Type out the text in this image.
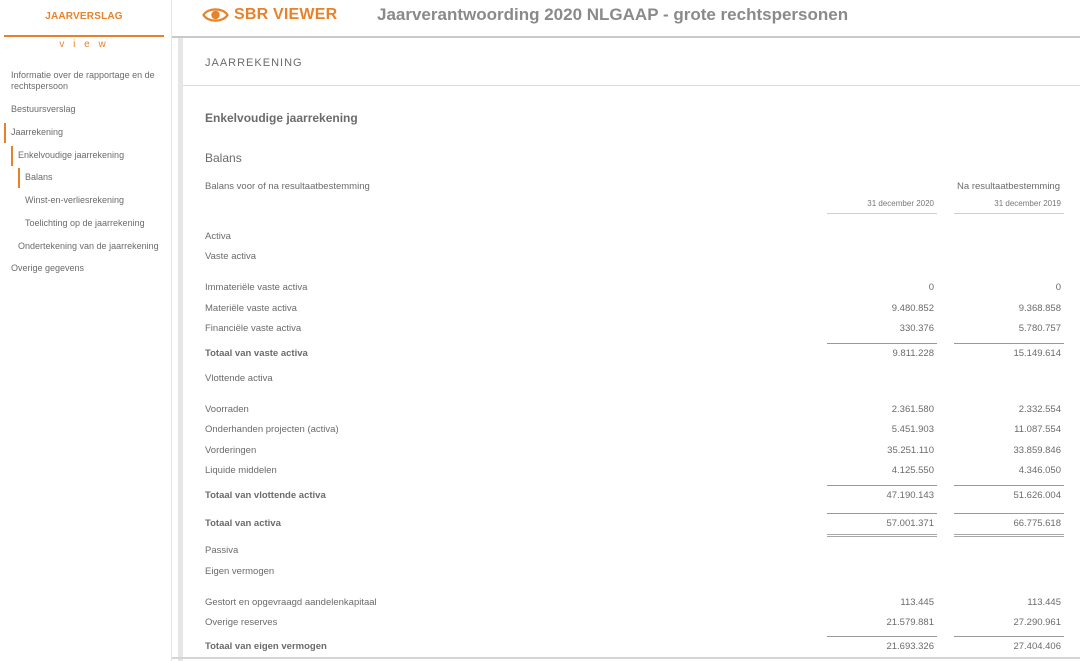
JAARVERSLAG
v i e w
Informatie over de rapportage en de rechtspersoon
Bestuursverslag
Jaarrekening
Enkelvoudige jaarrekening
Balans
Winst-en-verliesrekening
Toelichting op de jaarrekening
Ondertekening van de jaarrekening
Overige gegevens
SBR VIEWER Jaarverantwoording 2020 NLGAAP - grote rechtspersonen
JAARREKENING
Enkelvoudige jaarrekening
Balans
Balans voor of na resultaatbestemming	Na resultaatbestemming
31 december 2020	31 december 2019
Activa
Vaste activa
Immateriële vaste activa	0	0
Materiële vaste activa	9.480.852	9.368.858
Financiële vaste activa	330.376	5.780.757
Totaal van vaste activa	9.811.228	15.149.614
Vlottende activa
Voorraden	2.361.580	2.332.554
Onderhanden projecten (activa)	5.451.903	11.087.554
Vorderingen	35.251.110	33.859.846
Liquide middelen	4.125.550	4.346.050
Totaal van vlottende activa	47.190.143	51.626.004
Totaal van activa	57.001.371	66.775.618
Passiva
Eigen vermogen
Gestort en opgevraagd aandelenkapitaal	113.445	113.445
Overige reserves	21.579.881	27.290.961
Totaal van eigen vermogen	21.693.326	27.404.406
